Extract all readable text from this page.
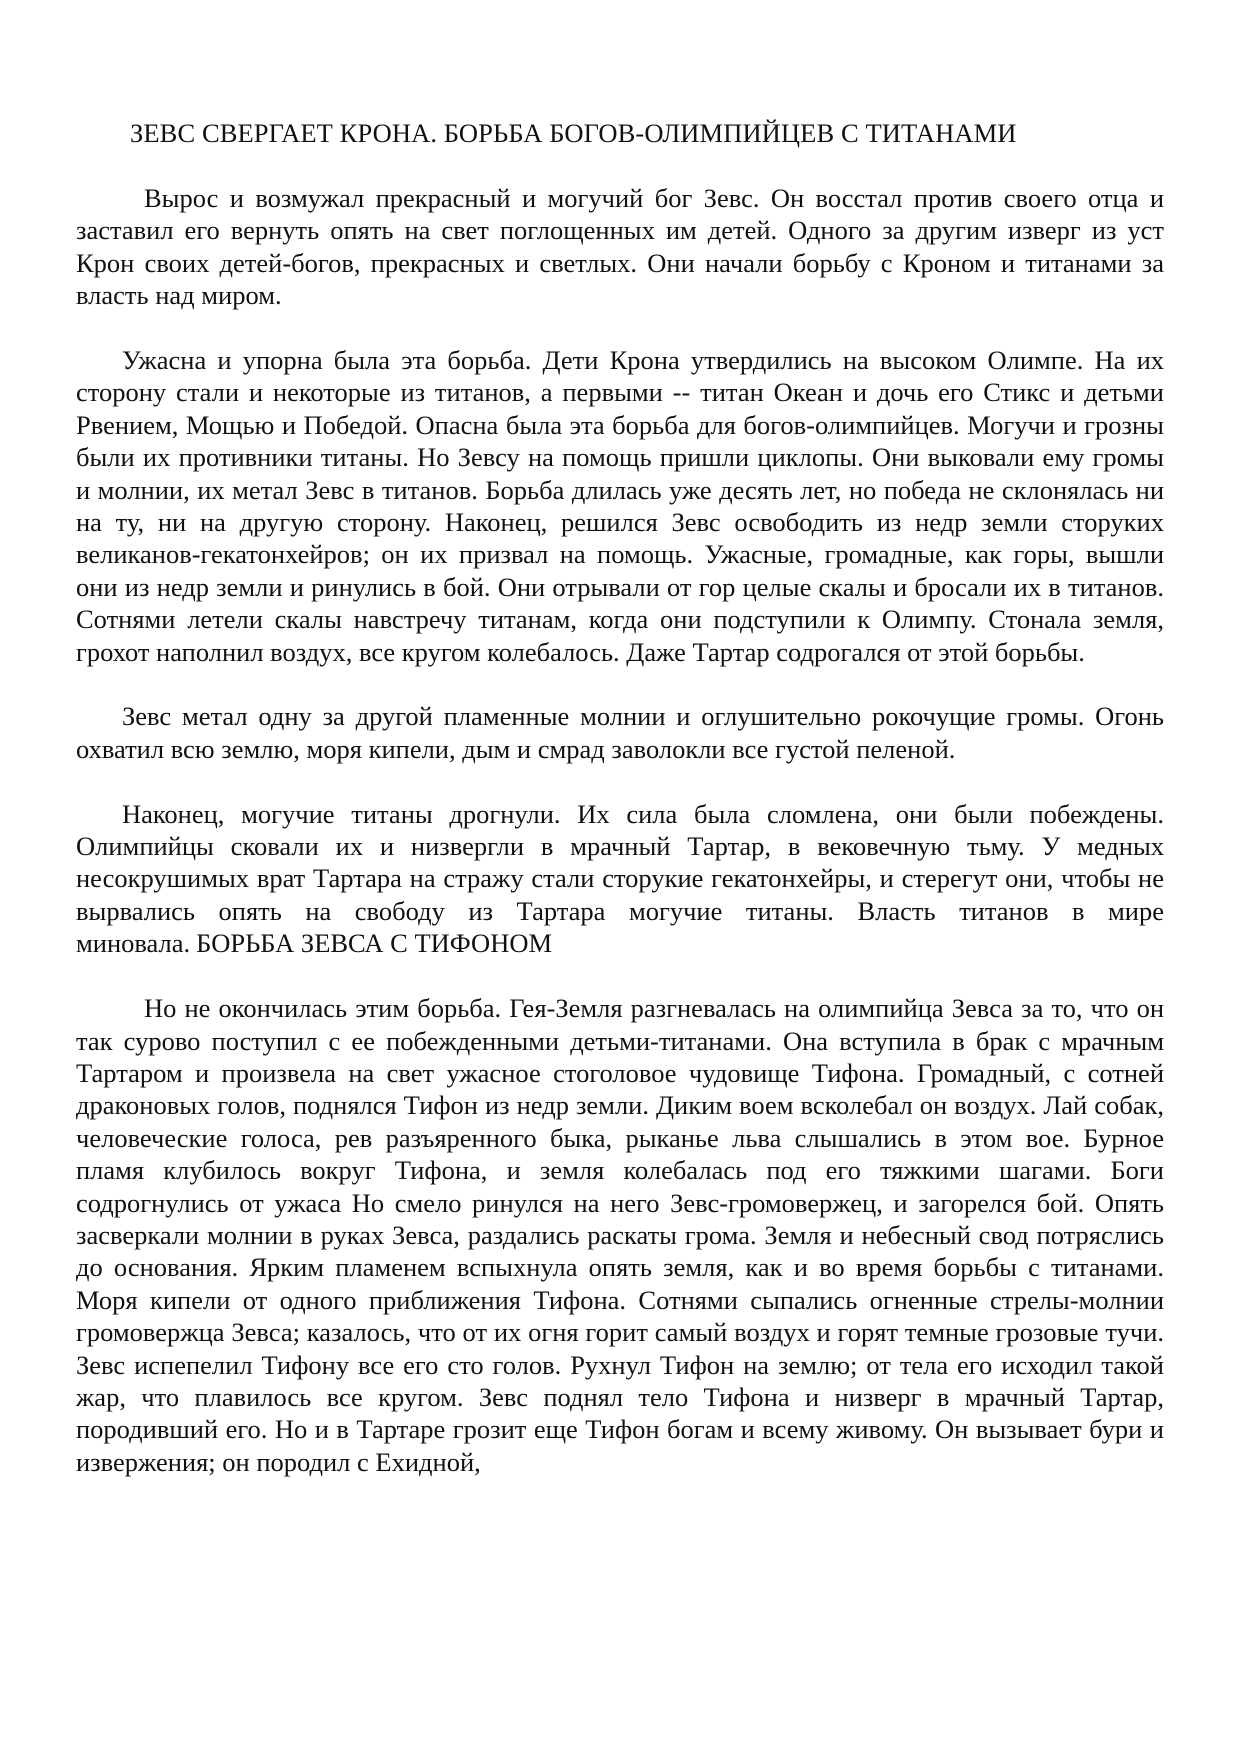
ЗЕВС СВЕРГАЕТ КРОНА. БОРЬБА БОГОВ-ОЛИМПИЙЦЕВ С ТИТАНАМИ

Вырос и возмужал прекрасный и могучий бог Зевс. Он восстал против своего отца и заставил его вернуть опять на свет поглощенных им детей. Одного за другим изверг из уст Крон своих детей-богов, прекрасных и светлых. Они начали борьбу с Кроном и титанами за власть над миром.

Ужасна и упорна была эта борьба. Дети Крона утвердились на высоком Олимпе. На их сторону стали и некоторые из титанов, а первыми -- титан Океан и дочь его Стикс и детьми Рвением, Мощью и Победой. Опасна была эта борьба для богов-олимпийцев. Могучи и грозны были их противники титаны. Но Зевсу на помощь пришли циклопы. Они выковали ему громы и молнии, их метал Зевс в титанов. Борьба длилась уже десять лет, но победа не склонялась ни на ту, ни на другую сторону. Наконец, решился Зевс освободить из недр земли сторуких великанов-гекатонхейров; он их призвал на помощь. Ужасные, громадные, как горы, вышли они из недр земли и ринулись в бой. Они отрывали от гор целые скалы и бросали их в титанов. Сотнями летели скалы навстречу титанам, когда они подступили к Олимпу. Стонала земля, грохот наполнил воздух, все кругом колебалось. Даже Тартар содрогался от этой борьбы.

Зевс метал одну за другой пламенные молнии и оглушительно рокочущие громы. Огонь охватил всю землю, моря кипели, дым и смрад заволокли все густой пеленой.

Наконец, могучие титаны дрогнули. Их сила была сломлена, они были побеждены. Олимпийцы сковали их и низвергли в мрачный Тартар, в вековечную тьму. У медных несокрушимых врат Тартара на стражу стали сторукие гекатонхейры, и стерегут они, чтобы не вырвались опять на свободу из Тартара могучие титаны. Власть титанов в мире миновала. БОРЬБА ЗЕВСА С ТИФОНОМ

Но не окончилась этим борьба. Гея-Земля разгневалась на олимпийца Зевса за то, что он так сурово поступил с ее побежденными детьми-титанами. Она вступила в брак с мрачным Тартаром и произвела на свет ужасное стоголовое чудовище Тифона. Громадный, с сотней драконовых голов, поднялся Тифон из недр земли. Диким воем всколебал он воздух. Лай собак, человеческие голоса, рев разъяренного быка, рыканье льва слышались в этом вое. Бурное пламя клубилось вокруг Тифона, и земля колебалась под его тяжкими шагами. Боги содрогнулись от ужаса Но смело ринулся на него Зевс-громовержец, и загорелся бой. Опять засверкали молнии в руках Зевса, раздались раскаты грома. Земля и небесный свод потряслись до основания. Ярким пламенем вспыхнула опять земля, как и во время борьбы с титанами. Моря кипели от одного приближения Тифона. Сотнями сыпались огненные стрелы-молнии громовержца Зевса; казалось, что от их огня горит самый воздух и горят темные грозовые тучи. Зевс испепелил Тифону все его сто голов. Рухнул Тифон на землю; от тела его исходил такой жар, что плавилось все кругом. Зевс поднял тело Тифона и низверг в мрачный Тартар, породивший его. Но и в Тартаре грозит еще Тифон богам и всему живому. Он вызывает бури и извержения; он породил с Ехидной,
